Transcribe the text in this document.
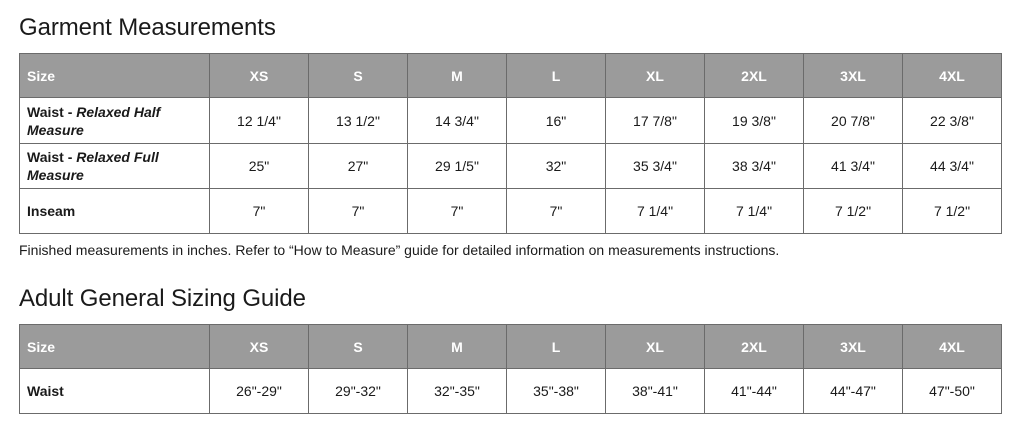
Garment Measurements
Size	XS	S	M	L	XL	2XL	3XL	4XL
Waist - Relaxed Half Measure	12 1/4"	13 1/2"	14 3/4"	16"	17 7/8"	19 3/8"	20 7/8"	22 3/8"
Waist - Relaxed Full Measure	25"	27"	29 1/5"	32"	35 3/4"	38 3/4"	41 3/4"	44 3/4"
Inseam	7"	7"	7"	7"	7 1/4"	7 1/4"	7 1/2"	7 1/2"

Finished measurements in inches. Refer to “How to Measure” guide for detailed information on measurements instructions.

Adult General Sizing Guide
Size	XS	S	M	L	XL	2XL	3XL	4XL
Waist	26"-29"	29"-32"	32"-35"	35"-38"	38"-41"	41"-44"	44"-47"	47"-50"
